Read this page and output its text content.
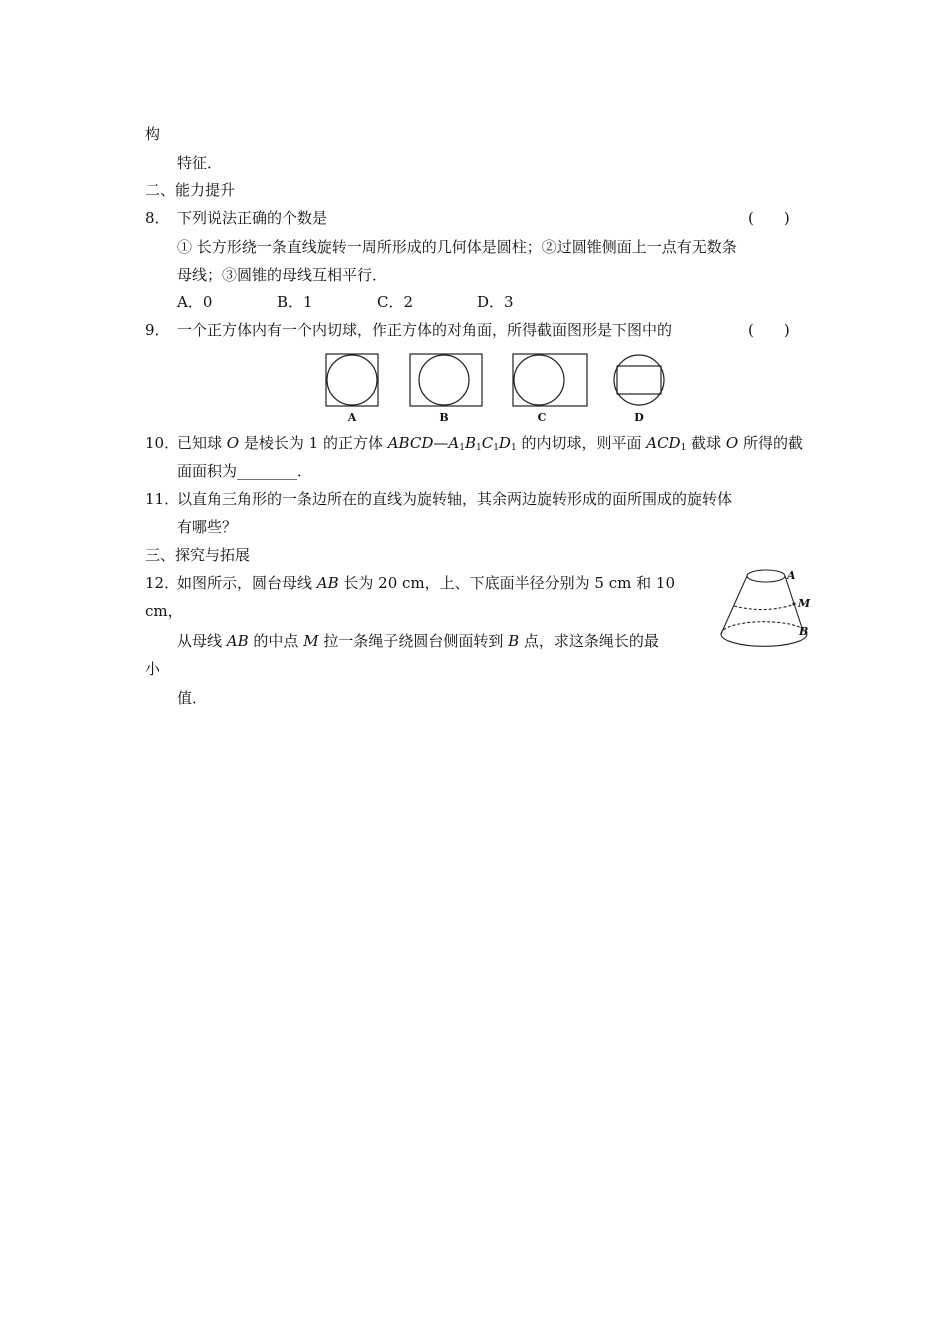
构
特征．
二、能力提升
8． 下列说法正确的个数是	(　　)
① 长方形绕一条直线旋转一周所形成的几何体是圆柱；②过圆锥侧面上一点有无数条
母线；③圆锥的母线互相平行．
A．0	B．1	C．2	D．3
9． 一个正方体内有一个内切球，作正方体的对角面，所得截面图形是下图中的	(　　)
A	B	C	D
10．
已知球 O 是棱长为 1 的正方体 $ABCD—A_1B_1C_1D_1$ 的内切球，则平面 $ACD_1$ 截球 O 所得的截
面面积为________．
11．
以直角三角形的一条边所在的直线为旋转轴，其余两边旋转形成的面所围成的旋转体
有哪些？
三、探究与拓展
12．
如图所示，圆台母线 AB 长为 20 cm，上、下底面半径分别为 5 cm 和 10
cm，
从母线 AB 的中点 M 拉一条绳子绕圆台侧面转到 B 点，求这条绳长的最
小
值．
A
M
B
